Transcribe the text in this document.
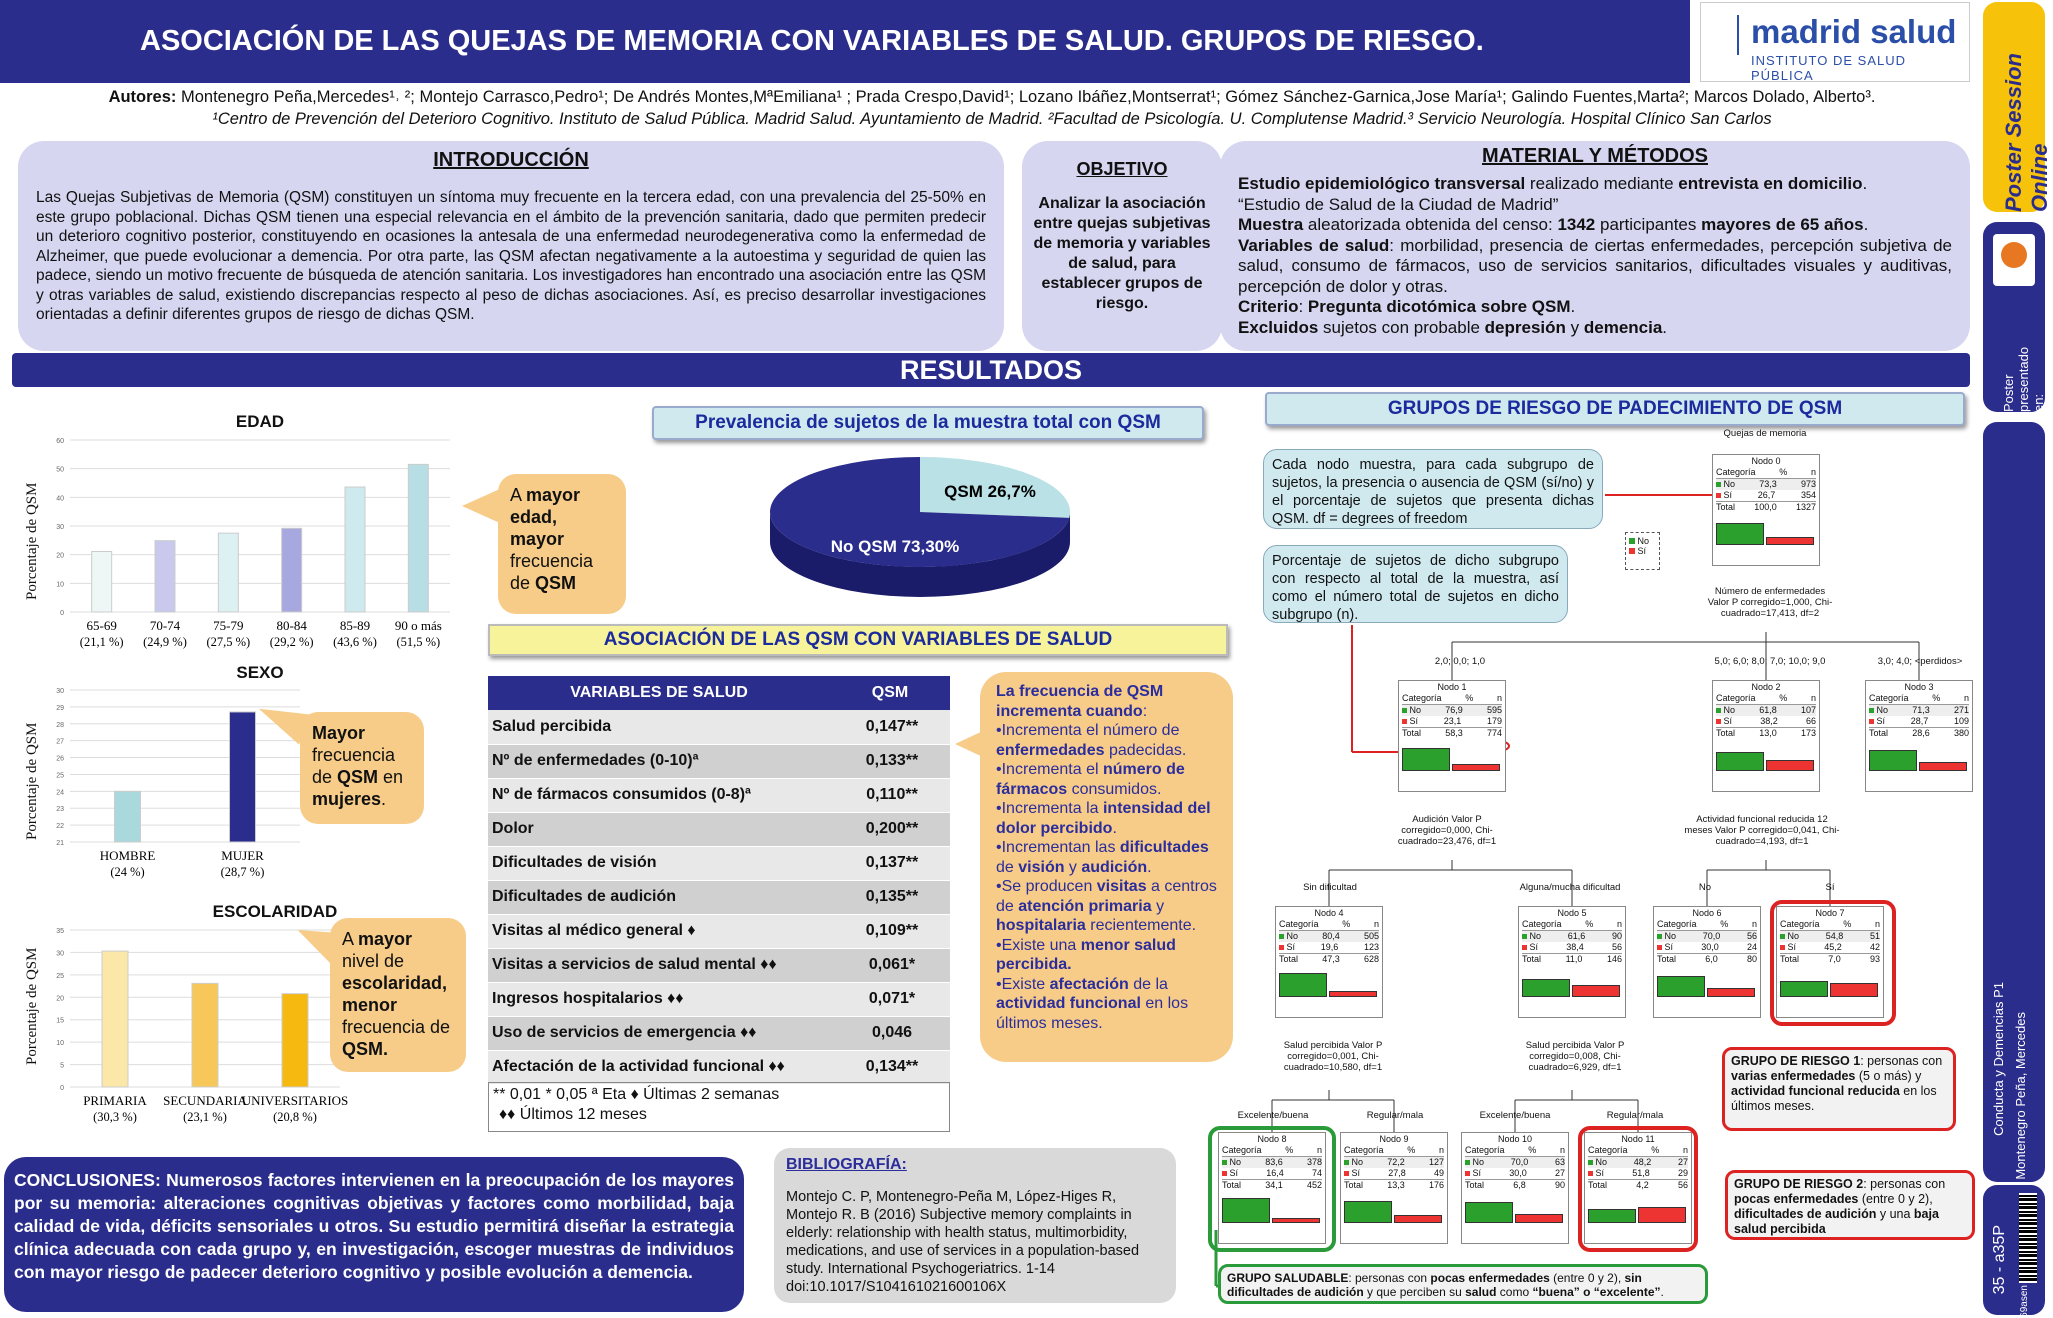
ASOCIACIÓN DE LAS QUEJAS DE MEMORIA CON VARIABLES DE SALUD. GRUPOS DE RIESGO.	madrid salud
INSTITUTO DE SALUD PÚBLICA	Poster Session Online
Poster presentado en:
Conducta y Demencias P1 Montenegro Peña, Mercedes
35 - a35P
69asen
Autores: Montenegro Peña,Mercedes¹˒ ²; Montejo Carrasco,Pedro¹; De Andrés Montes,MªEmiliana¹ ; Prada Crespo,David¹; Lozano Ibáñez,Montserrat¹; Gómez Sánchez-Garnica,Jose María¹; Galindo Fuentes,Marta²; Marcos Dolado, Alberto³.
¹Centro de Prevención del Deterioro Cognitivo. Instituto de Salud Pública. Madrid Salud. Ayuntamiento de Madrid. ²Facultad de Psicología. U. Complutense Madrid.³ Servicio Neurología. Hospital Clínico San Carlos
INTRODUCCIÓN

Las Quejas Subjetivas de Memoria (QSM) constituyen un síntoma muy frecuente en la tercera edad, con una prevalencia del 25-50% en este grupo poblacional. Dichas QSM tienen una especial relevancia en el ámbito de la prevención sanitaria, dado que permiten predecir un deterioro cognitivo posterior, constituyendo en ocasiones la antesala de una enfermedad neurodegenerativa como la enfermedad de Alzheimer, que puede evolucionar a demencia. Por otra parte, las QSM afectan negativamente a la autoestima y seguridad de quien las padece, siendo un motivo frecuente de búsqueda de atención sanitaria. Los investigadores han encontrado una asociación entre las QSM y otras variables de salud, existiendo discrepancias respecto al peso de dichas asociaciones. Así, es preciso desarrollar investigaciones orientadas a definir diferentes grupos de riesgo de dichas QSM.

OBJETIVO

Analizar la asociación entre quejas subjetivas de memoria y variables de salud, para establecer grupos de riesgo.

MATERIAL Y MÉTODOS
Estudio epidemiológico transversal realizado mediante entrevista en domicilio.
“Estudio de Salud de la Ciudad de Madrid”
Muestra aleatorizada obtenida del censo: 1342 participantes mayores de 65 años.
Variables de salud: morbilidad, presencia de ciertas enfermedades, percepción subjetiva de salud, consumo de fármacos, uso de servicios sanitarios, dificultades visuales y auditivas, percepción de dolor y otras.
Criterio: Pregunta dicotómica sobre QSM.
Excluidos sujetos con probable depresión y demencia.
RESULTADOS
EDAD
Porcentaje de QSM
0
10
20
30
40
50
60
65-69
(21,1 %)
70-74
(24,9 %)
75-79
(27,5 %)
80-84
(29,2 %)
85-89
(43,6 %)
90 o más
(51,5 %)
A mayor edad, mayor frecuencia de QSM
SEXO
Porcentaje de QSM
21
22
23
24
25
26
27
28
29
30
HOMBRE
(24 %)
MUJER
(28,7 %)
Mayor frecuencia de QSM en mujeres.
ESCOLARIDAD
Porcentaje de QSM
0
5
10
15
20
25
30
35
PRIMARIA
(30,3 %)
SECUNDARIA
(23,1 %)
UNIVERSITARIOS
(20,8 %)
A mayor nivel de escolaridad, menor frecuencia de QSM.
Prevalencia de sujetos de la muestra total con QSM
QSM 26,7%
No QSM 73,30%
ASOCIACIÓN DE LAS QSM CON VARIABLES DE SALUD
VARIABLES DE SALUD	QSM
Salud percibida	0,147**
Nº de enfermedades (0-10)ª	0,133**
Nº de fármacos consumidos (0-8)ª	0,110**
Dolor	0,200**
Dificultades de visión	0,137**
Dificultades de audición	0,135**
Visitas al médico general ♦	0,109**
Visitas a servicios de salud mental ♦♦	0,061*
Ingresos hospitalarios ♦♦	0,071*
Uso de servicios de emergencia ♦♦	0,046
Afectación de la actividad funcional ♦♦	0,134**
** 0,01 * 0,05 ª Eta ♦ Últimas 2 semanas
♦♦ Últimos 12 meses
La frecuencia de QSM incrementa cuando:
•Incrementa el número de enfermedades padecidas.
•Incrementa el número de fármacos consumidos.
•Incrementa la intensidad del dolor percibido.
•Incrementan las dificultades de visión y audición.
•Se producen visitas a centros de atención primaria y hospitalaria recientemente.
•Existe una menor salud percibida.
•Existe afectación de la actividad funcional en los últimos meses.
CONCLUSIONES: Numerosos factores intervienen en la preocupación de los mayores por su memoria: alteraciones cognitivas objetivas y factores como morbilidad, baja calidad de vida, déficits sensoriales u otros. Su estudio permitirá diseñar la estrategia clínica adecuada con cada grupo y, en investigación, escoger muestras de individuos con mayor riesgo de padecer deterioro cognitivo y posible evolución a demencia.
BIBLIOGRAFÍA:
Montejo C. P, Montenegro-Peña M, López-Higes R, Montejo R. B (2016) Subjective memory complaints in elderly: relationship with health status, multimorbidity, medications, and use of services in a population-based study. International Psychogeriatrics. 1-14 doi:10.1017/S104161021600106X
GRUPOS DE RIESGO DE PADECIMIENTO DE QSM
Quejas de memoria
Cada nodo muestra, para cada subgrupo de sujetos, la presencia o ausencia de QSM (sí/no) y el porcentaje de sujetos que presenta dichas QSM. df = degrees of freedom
Porcentaje de sujetos de dicho subgrupo con respecto al total de la muestra, así como el número total de sujetos en dicho subgrupo (n).
No
Sí
Nodo 0
Categoría	%	n
No	73,3	973
Sí	26,7	354
Total 100,0 1327
Nodo 1
Categoría	%	n
No	76,9	595
Sí	23,1	179
Total	58,3	774
Nodo 2
Categoría	%	n
No	61,8	107
Sí	38,2	66
Total	13,0	173
Nodo 3
Categoría	%	n
No	71,3	271
Sí	28,7	109
Total	28,6	380
Nodo 4
Categoría	%	n
No	80,4	505
Sí	19,6	123
Total	47,3	628
Nodo 5
Categoría	%	n
No	61,6	90
Sí	38,4	56
Total	11,0	146
Nodo 6
Categoría	%	n
No	70,0	56
Sí	30,0	24
Total	6,0	80
Nodo 7
Categoría	%	n
No	54,8	51
Sí	45,2	42
Total	7,0	93
Nodo 8
Categoría	%	n
No	83,6	378
Sí	16,4	74
Total	34,1	452
Nodo 9
Categoría	%	n
No	72,2	127
Sí	27,8	49
Total	13,3	176
Nodo 10
Categoría	%	n
No	70,0	63
Sí	30,0	27
Total	6,8	90
Nodo 11
Categoría	%	n
No	48,2	27
Sí	51,8	29
Total	4,2	56
Número de enfermedades Valor P corregido=1,000, Chi-cuadrado=17,413, df=2
Audición Valor P corregido=0,000, Chi-cuadrado=23,476, df=1
Actividad funcional reducida 12 meses Valor P corregido=0,041, Chi-cuadrado=4,193, df=1
Salud percibida Valor P corregido=0,001, Chi-cuadrado=10,580, df=1
Salud percibida Valor P corregido=0,008, Chi-cuadrado=6,929, df=1
2,0; 0,0; 1,0	5,0; 6,0; 8,0; 7,0; 10,0; 9,0	3,0; 4,0; <perdidos>
Sin dificultad	Alguna/mucha dificultad	No	Sí
Excelente/buena	Regular/mala	Excelente/buena	Regular/mala
GRUPO DE RIESGO 1: personas con varias enfermedades (5 o más) y actividad funcional reducida en los últimos meses.
GRUPO DE RIESGO 2: personas con pocas enfermedades (entre 0 y 2), dificultades de audición y una baja salud percibida
GRUPO SALUDABLE: personas con pocas enfermedades (entre 0 y 2), sin dificultades de audición y que perciben su salud como “buena” o “excelente”.
